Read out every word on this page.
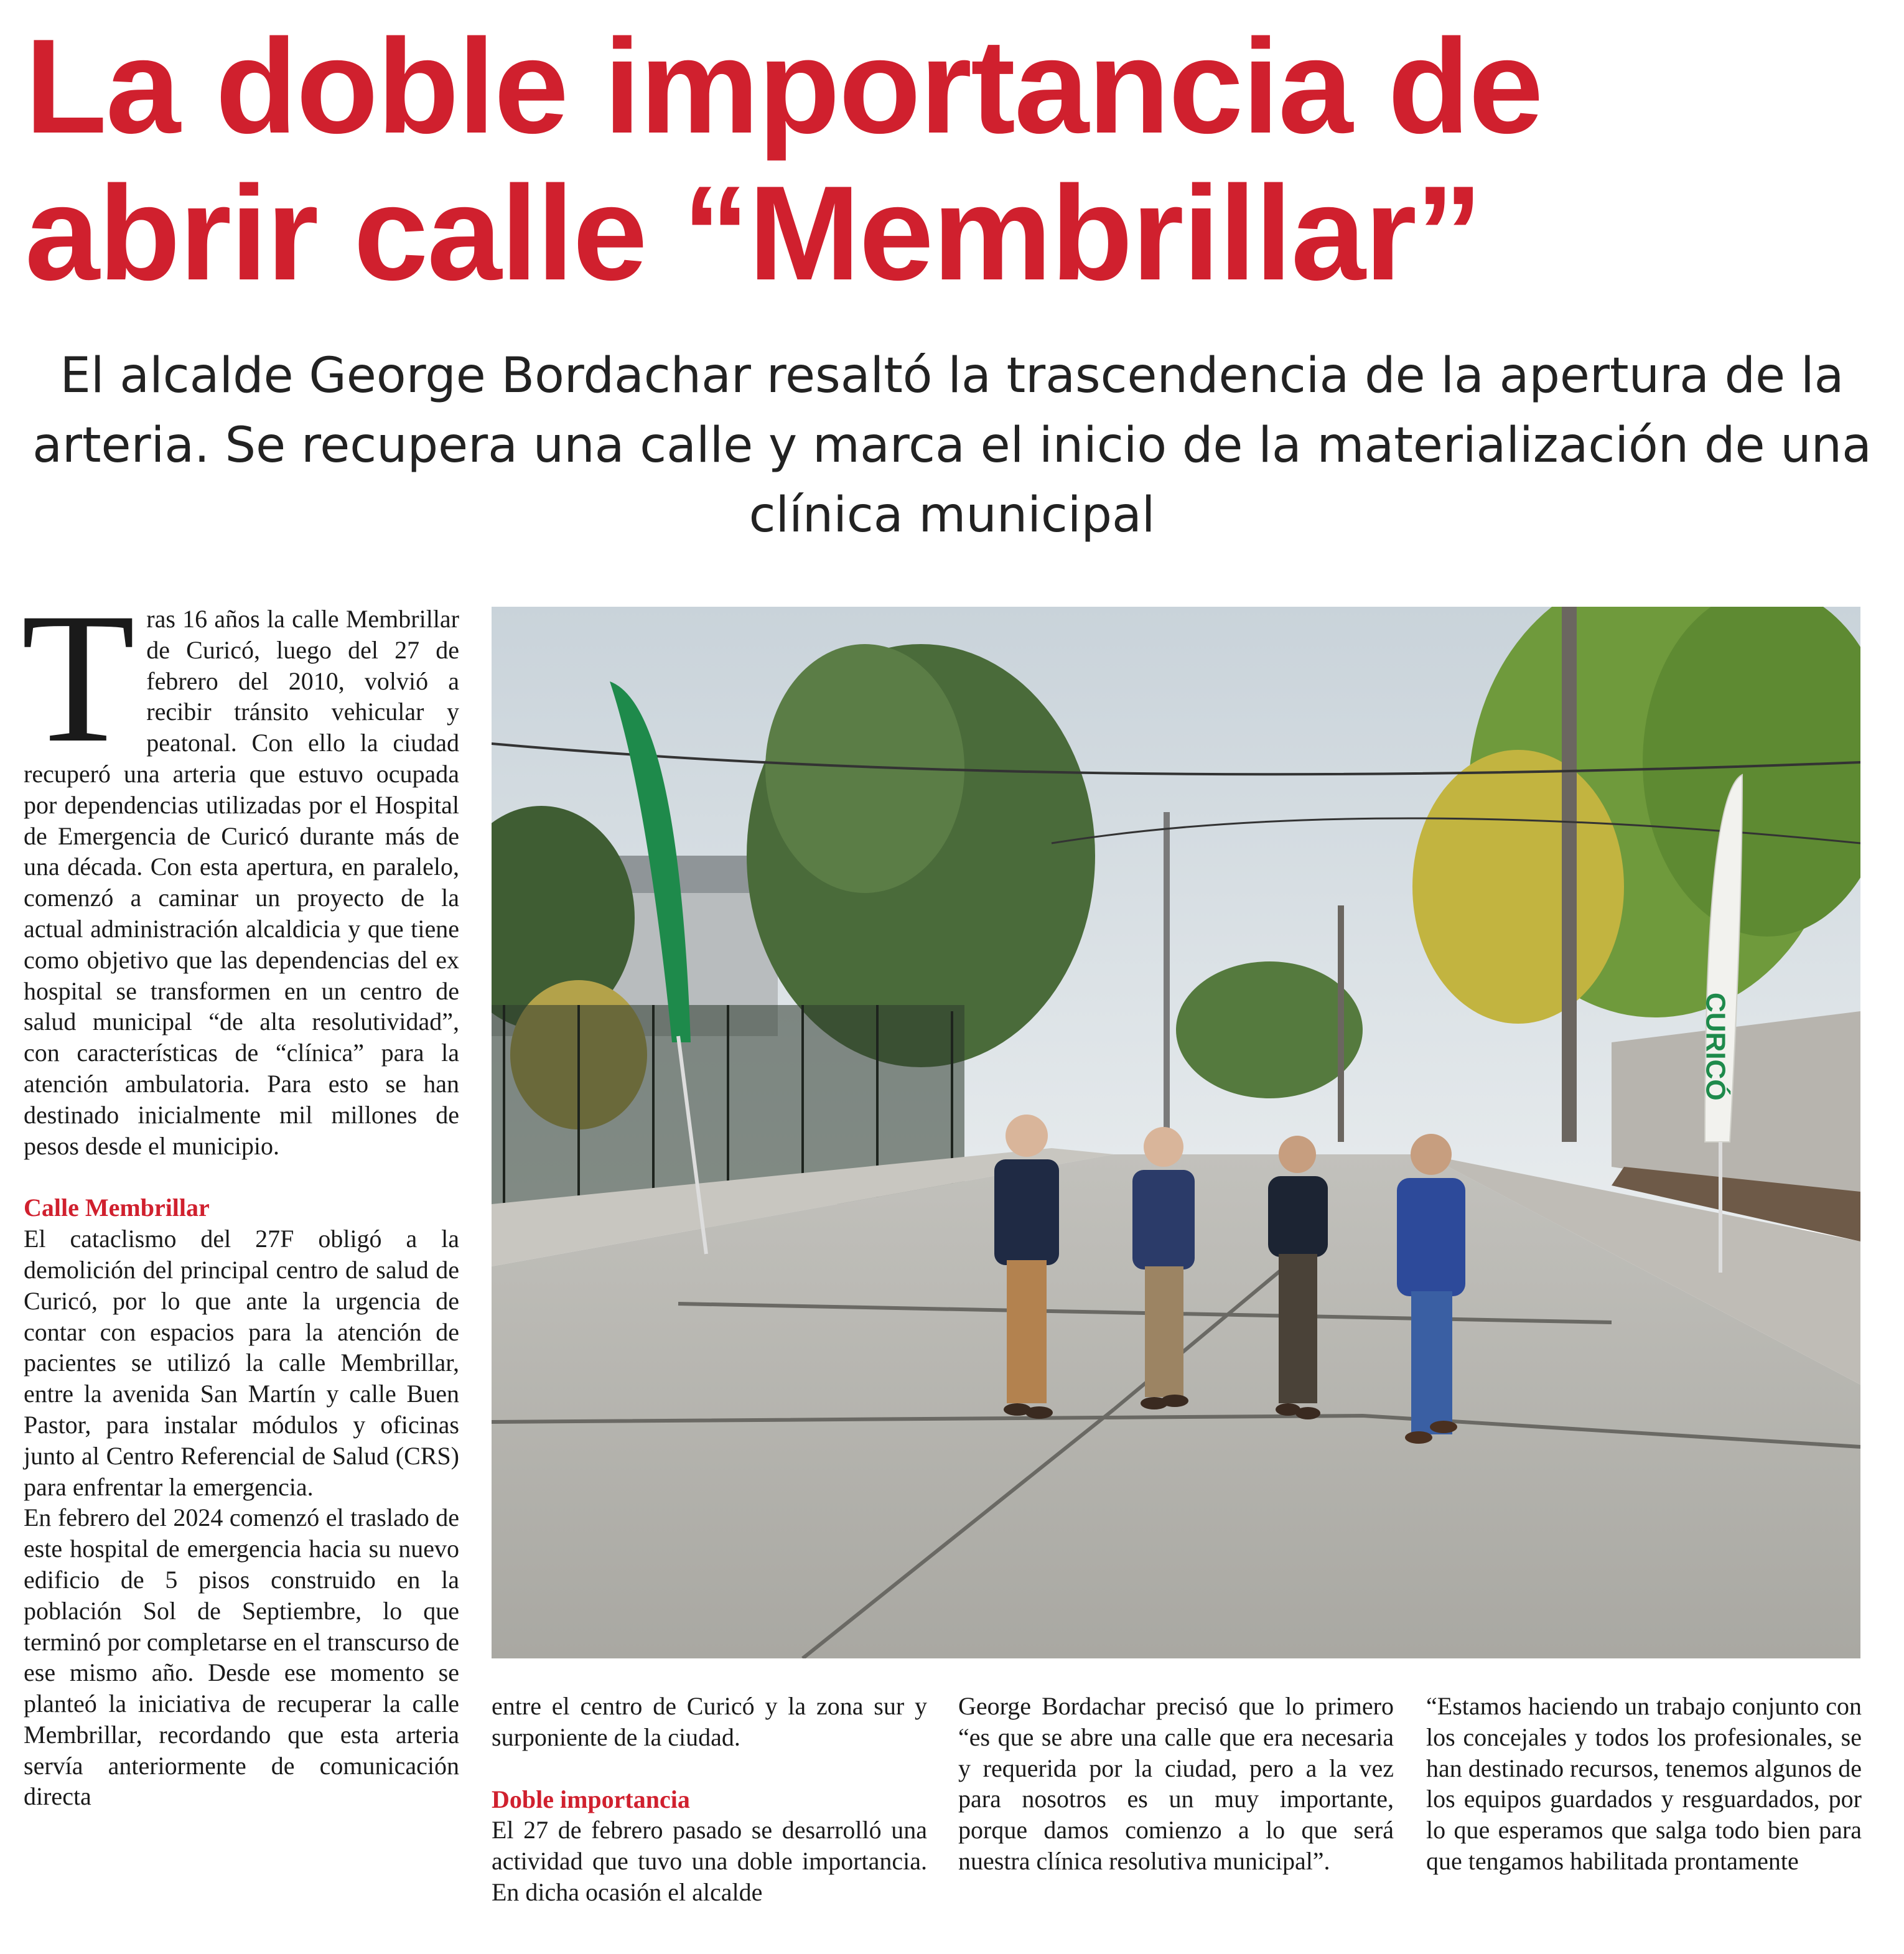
La doble importancia de
abrir calle “Membrillar”
El alcalde George Bordachar resaltó la trascendencia de la apertura de la arteria. Se recupera una calle y marca el inicio de la materialización de una clínica municipal

Tras 16 años la calle Membrillar de Curicó, luego del 27 de febrero del 2010, volvió a recibir tránsito vehicular y peatonal. Con ello la ciudad recuperó una arteria que estuvo ocupada por dependencias utilizadas por el Hospital de Emergencia de Curicó durante más de una década. Con esta apertura, en paralelo, comenzó a caminar un proyecto de la actual administración alcaldicia y que tiene como objetivo que las dependencias del ex hospital se transformen en un centro de salud municipal “de alta resolutividad”, con características de “clínica” para la atención ambulatoria. Para esto se han destinado inicialmente mil millones de pesos desde el municipio.

Calle Membrillar

El cataclismo del 27F obligó a la demolición del principal centro de salud de Curicó, por lo que ante la urgencia de contar con espacios para la atención de pacientes se utilizó la calle Membrillar, entre la avenida San Martín y calle Buen Pastor, para instalar módulos y oficinas junto al Centro Referencial de Salud (CRS) para enfrentar la emergencia.

En febrero del 2024 comenzó el traslado de este hospital de emergencia hacia su nuevo edificio de 5 pisos construido en la población Sol de Septiembre, lo que terminó por completarse en el transcurso de ese mismo año. Desde ese momento se planteó la iniciativa de recuperar la calle Membrillar, recordando que esta arteria servía anteriormente de comunicación directa

CURICÓ

entre el centro de Curicó y la zona sur y surponiente de la ciudad.

Doble importancia

El 27 de febrero pasado se desarrolló una actividad que tuvo una doble importancia. En dicha ocasión el alcalde

George Bordachar precisó que lo primero “es que se abre una calle que era necesaria y requerida por la ciudad, pero a la vez para nosotros es un muy importante, porque damos comienzo a lo que será nuestra clínica resolutiva municipal”.

“Estamos haciendo un trabajo conjunto con los concejales y todos los profesionales, se han destinado recursos, tenemos algunos de los equipos guardados y resguardados, por lo que esperamos que salga todo bien para que tengamos habilitada prontamente
